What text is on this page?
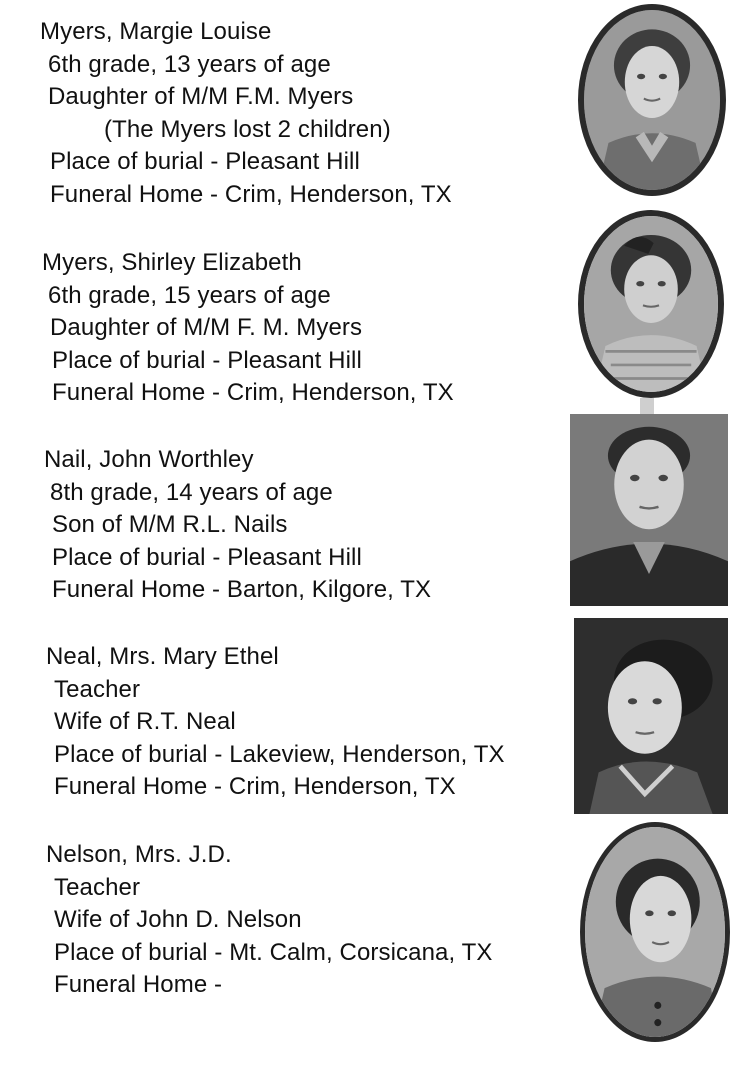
Myers, Margie Louise
6th grade, 13 years of age
Daughter of M/M F.M. Myers
(The Myers lost 2 children)
Place of burial - Pleasant Hill
Funeral Home - Crim, Henderson, TX
Myers, Shirley Elizabeth
6th grade, 15 years of age
Daughter of M/M F. M. Myers
Place of burial - Pleasant Hill
Funeral Home - Crim, Henderson, TX
Nail, John Worthley
8th grade, 14 years of age
Son of M/M R.L. Nails
Place of burial - Pleasant Hill
Funeral Home - Barton, Kilgore, TX
Neal, Mrs. Mary Ethel
Teacher
Wife of R.T. Neal
Place of burial - Lakeview, Henderson, TX
Funeral Home - Crim, Henderson, TX
Nelson, Mrs. J.D.
Teacher
Wife of John D. Nelson
Place of burial - Mt. Calm, Corsicana, TX
Funeral Home -
